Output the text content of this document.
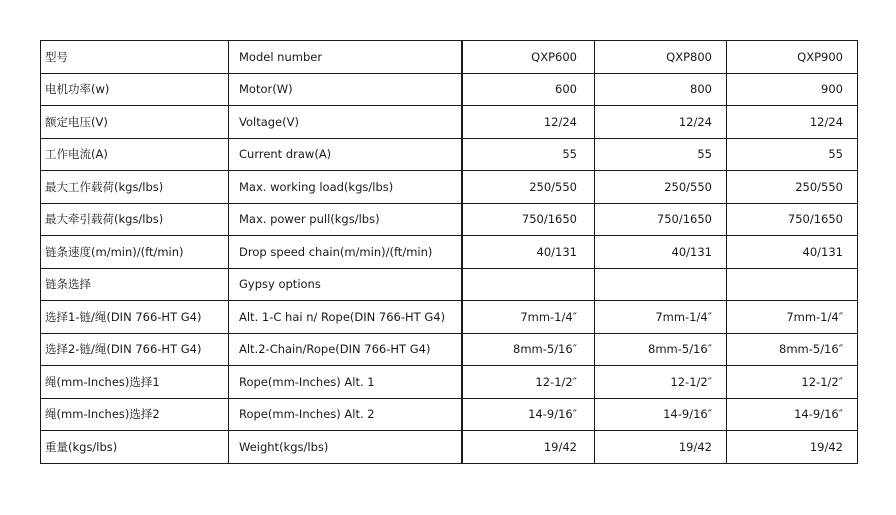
型号	Model number	QXP600	QXP800	QXP900
电机功率(w)	Motor(W)	600	800	900
额定电压(V)	Voltage(V)	12/24	12/24	12/24
工作电流(A)	Current draw(A)	55	55	55
最大工作载荷(kgs/lbs)	Max. working load(kgs/lbs)	250/550	250/550	250/550
最大牵引载荷(kgs/lbs)	Max. power pull(kgs/lbs)	750/1650	750/1650	750/1650
链条速度(m/min)/(ft/min)	Drop speed chain(m/min)/(ft/min)	40/131	40/131	40/131
链条选择	Gypsy options			
选择1-链/绳(DIN 766-HT G4)	Alt. 1-C hai n/ Rope(DIN 766-HT G4)	7mm-1/4″	7mm-1/4″	7mm-1/4″
选择2-链/绳(DIN 766-HT G4)	Alt.2-Chain/Rope(DIN 766-HT G4)	8mm-5/16″	8mm-5/16″	8mm-5/16″
绳(mm-Inches)选择1	Rope(mm-Inches) Alt. 1	12-1/2″	12-1/2″	12-1/2″
绳(mm-Inches)选择2	Rope(mm-Inches) Alt. 2	14-9/16″	14-9/16″	14-9/16″
重量(kgs/lbs)	Weight(kgs/lbs)	19/42	19/42	19/42
